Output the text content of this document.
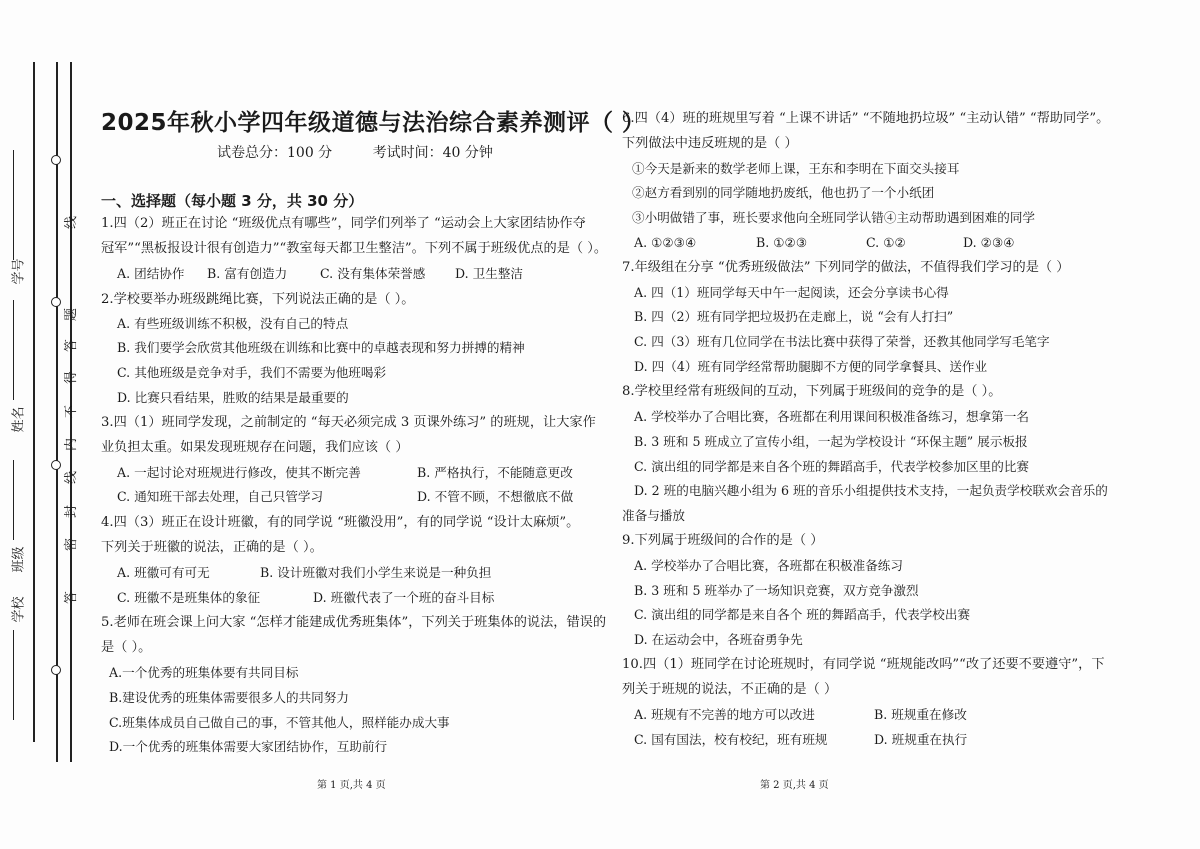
学号
姓名
班级
学校
线
题
答
得
不
内
线
封
密
答
2025年秋小学四年级道德与法治综合素养测评（ ）
试卷总分：100 分	考试时间：40 分钟
一、选择题（每小题 3 分，共 30 分）
1.四（2）班正在讨论 “班级优点有哪些”，同学们列举了 “运动会上大家团结协作夺
冠军”“黑板报设计很有创造力”“教室每天都卫生整洁”。下列不属于班级优点的是（ ）。
A. 团结协作 B. 富有创造力	C. 没有集体荣誉感 D. 卫生整洁
2.学校要举办班级跳绳比赛，下列说法正确的是（ ）。
A. 有些班级训练不积极，没有自己的特点
B. 我们要学会欣赏其他班级在训练和比赛中的卓越表现和努力拼搏的精神
C. 其他班级是竞争对手，我们不需要为他班喝彩
D. 比赛只看结果，胜败的结果是最重要的
3.四（1）班同学发现，之前制定的 “每天必须完成 3 页课外练习” 的班规，让大家作
业负担太重。如果发现班规存在问题，我们应该（ ）
A. 一起讨论对班规进行修改，使其不断完善	B. 严格执行，不能随意更改
C. 通知班干部去处理，自己只管学习	D. 不管不顾，不想徹底不做
4.四（3）班正在设计班徽，有的同学说 “班徽没用”，有的同学说 “设计太麻烦”。
下列关于班徽的说法，正确的是（ ）。
A. 班徽可有可无	B. 设计班徽对我们小学生来说是一种负担
C. 班徽不是班集体的象征	D. 班徽代表了一个班的奋斗目标
5.老师在班会课上问大家 “怎样才能建成优秀班集体”，下列关于班集体的说法，错误的
是（ ）。
A.一个优秀的班集体要有共同目标
B.建设优秀的班集体需要很多人的共同努力
C.班集体成员自己做自己的事，不管其他人，照样能办成大事
D.一个优秀的班集体需要大家团结协作，互助前行
第 1 页,共 4 页
6.四（4）班的班规里写着 “上课不讲话” “不随地扔垃圾” “主动认错” “帮助同学”。
下列做法中违反班规的是（ ）
①今天是新来的数学老师上课，王东和李明在下面交头接耳
②赵方看到别的同学随地扔废纸，他也扔了一个小纸团
③小明做错了事，班长要求他向全班同学认错④主动帮助遇到困难的同学
A. ①②③④	B. ①②③	C. ①②	D. ②③④
7.年级组在分享 “优秀班级做法” 下列同学的做法，不值得我们学习的是（ ）
A. 四（1）班同学每天中午一起阅读，还会分享读书心得
B. 四（2）班有同学把垃圾扔在走廊上，说 “会有人打扫”
C. 四（3）班有几位同学在书法比赛中获得了荣誉，还教其他同学写毛笔字
D. 四（4）班有同学经常帮助腿脚不方便的同学拿餐具、送作业
8.学校里经常有班级间的互动，下列属于班级间的竞争的是（ ）。
A. 学校举办了合唱比赛，各班都在利用课间积极准备练习，想拿第一名
B. 3 班和 5 班成立了宣传小组，一起为学校设计 “环保主题” 展示板报
C. 演出组的同学都是来自各个班的舞蹈高手，代表学校参加区里的比赛
D. 2 班的电脑兴趣小组为 6 班的音乐小组提供技术支持，一起负责学校联欢会音乐的
准备与播放
9.下列属于班级间的合作的是（ ）
A. 学校举办了合唱比赛，各班都在积极准备练习
B. 3 班和 5 班举办了一场知识竞赛，双方竞争激烈
C. 演出组的同学都是来自各个 班的舞蹈高手，代表学校出赛
D. 在运动会中，各班奋勇争先
10.四（1）班同学在讨论班规时，有同学说 “班规能改吗”“改了还要不要遵守”，下
列关于班规的说法，不正确的是（ ）
A. 班规有不完善的地方可以改进	B. 班规重在修改
C. 国有国法，校有校纪，班有班规	D. 班规重在执行
第 2 页,共 4 页
